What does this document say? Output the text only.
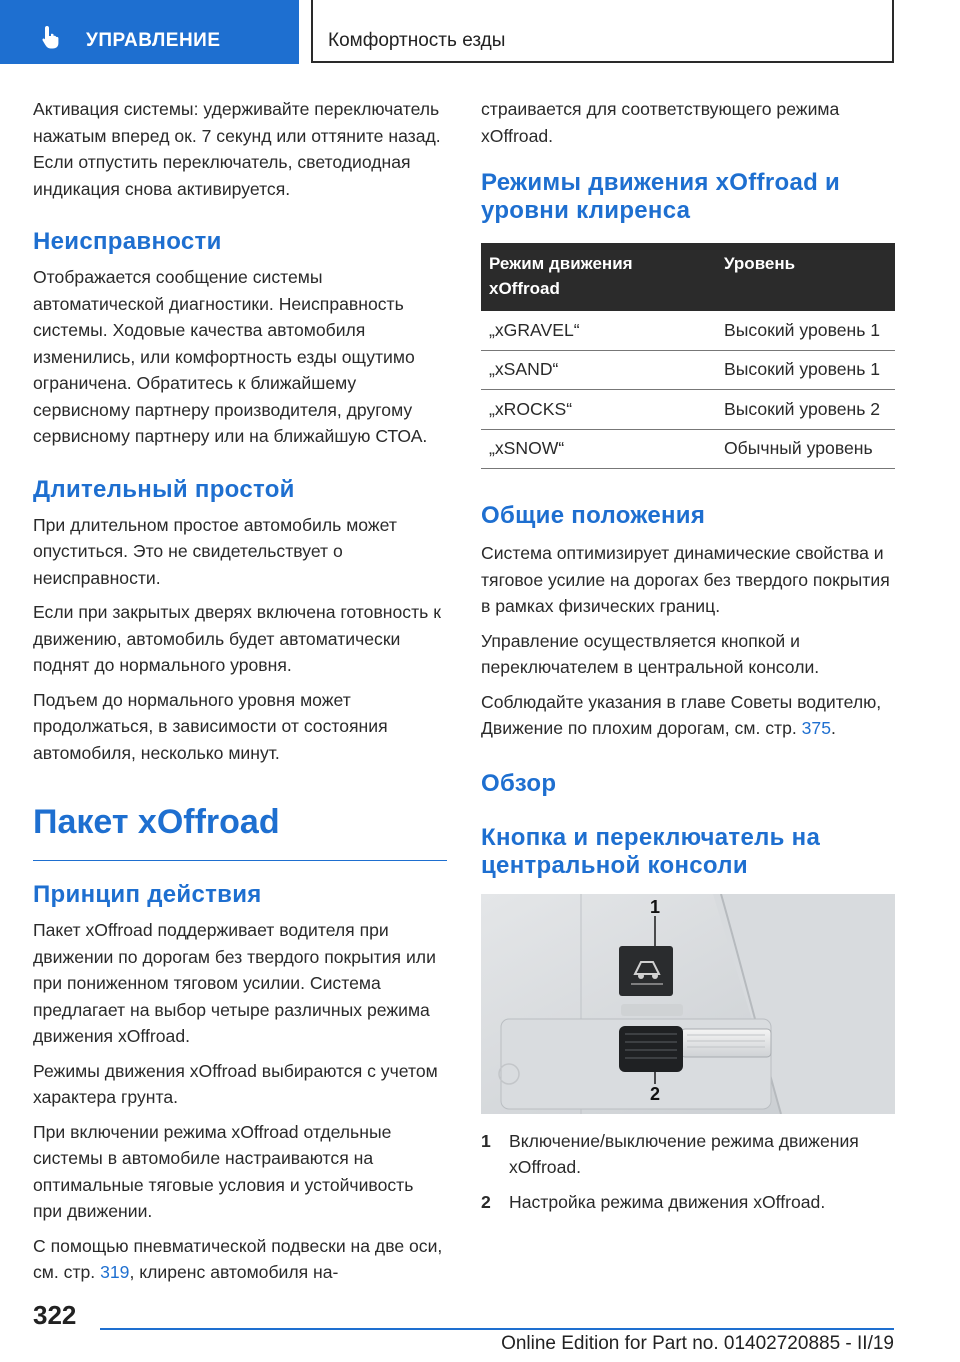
УПРАВЛЕНИЕ	Комфортность езды

Активация системы: удерживайте переключатель нажатым вперед ок. 7 секунд или оттяните назад. Если отпустить переключатель, светодиодная индикация снова активируется.

Неисправности

Отображается сообщение системы автоматической диагностики. Неисправность системы. Ходовые качества автомобиля изменились, или комфортность езды ощутимо ограничена. Обратитесь к ближайшему сервисному партнеру производителя, другому сервисному партнеру или на ближайшую СТОА.

Длительный простой

При длительном простое автомобиль может опуститься. Это не свидетельствует о неисправности.

Если при закрытых дверях включена готовность к движению, автомобиль будет автоматически поднят до нормального уровня.

Подъем до нормального уровня может продолжаться, в зависимости от состояния автомобиля, несколько минут.

Пакет xOffroad
Принцип действия

Пакет xOffroad поддерживает водителя при движении по дорогам без твердого покрытия или при пониженном тяговом усилии. Система предлагает на выбор четыре различных режима движения xOffroad.

Режимы движения xOffroad выбираются с учетом характера грунта.

При включении режима xOffroad отдельные системы в автомобиле настраиваются на оптимальные тяговые условия и устойчивость при движении.

С помощью пневматической подвески на две оси, см. стр. 319, клиренс автомобиля на-

страивается для соответствующего режима xOffroad.

Режимы движения xOffroad и уровни клиренса
Режим движения xOffroad	Уровень
„xGRAVEL“	Высокий уровень 1
„xSAND“	Высокий уровень 1
„xROCKS“	Высокий уровень 2
„xSNOW“	Обычный уровень
Общие положения

Система оптимизирует динамические свойства и тяговое усилие на дорогах без твердого покрытия в рамках физических границ.

Управление осуществляется кнопкой и переключателем в центральной консоли.

Соблюдайте указания в главе Советы водителю, Движение по плохим дорогам, см. стр. 375.

Обзор
Кнопка и переключатель на центральной консоли
1
2
1 Включение/выключение режима движения xOffroad.
2 Настройка режима движения xOffroad.
322
Online Edition for Part no. 01402720885 - II/19
